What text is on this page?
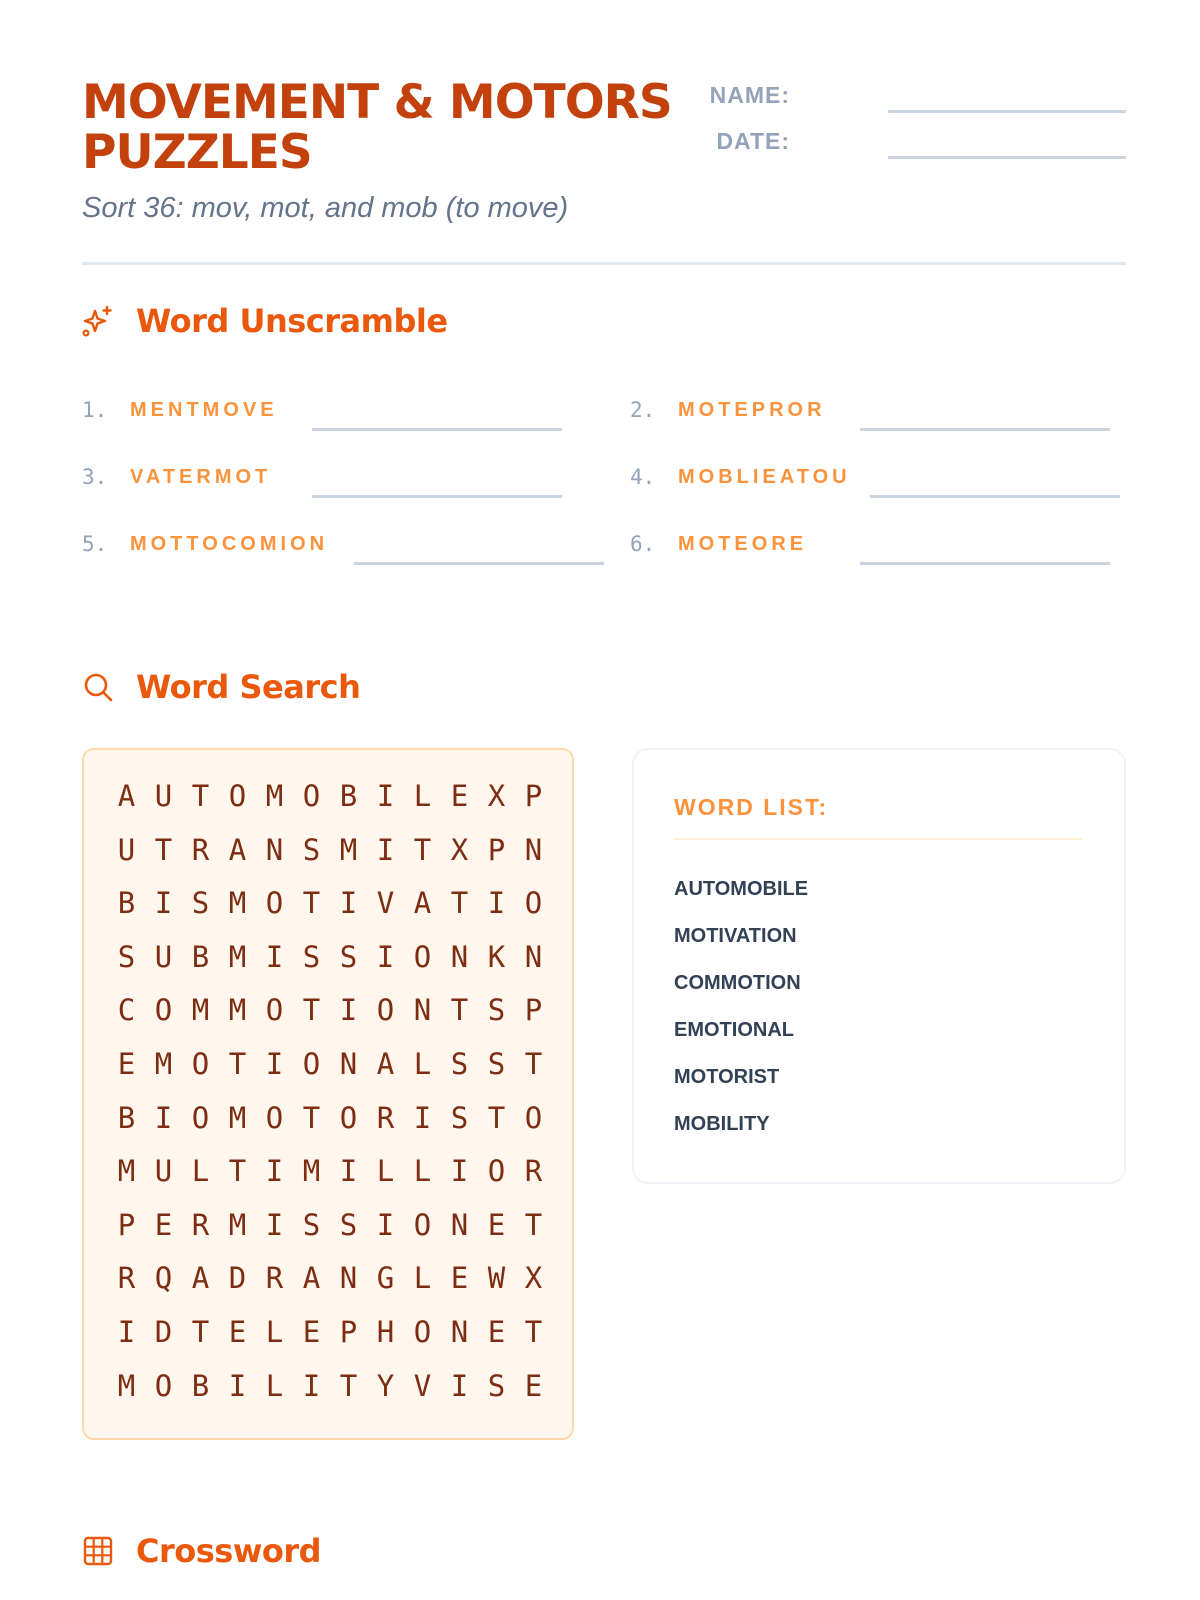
MOVEMENT & MOTORS PUZZLES
Sort 36: mov, mot, and mob (to move)
NAME:
DATE:
Word Unscramble
1. MENTMOVE	2. MOTEPROR
3. VATERMOT	4. MOBLIEATOU
5. MOTTOCOMION	6. MOTEORE
Word Search
A U T O M O B I L E X P
U T R A N S M I T X P N
B I S M O T I V A T I O
S U B M I S S I O N K N
C O M M O T I O N T S P
E M O T I O N A L S S T
B I O M O T O R I S T O
M U L T I M I L L I O R
P E R M I S S I O N E T
R Q A D R A N G L E W X
I D T E L E P H O N E T
M O B I L I T Y V I S E
WORD LIST:
AUTOMOBILE
MOTIVATION
COMMOTION
EMOTIONAL
MOTORIST
MOBILITY
Crossword
